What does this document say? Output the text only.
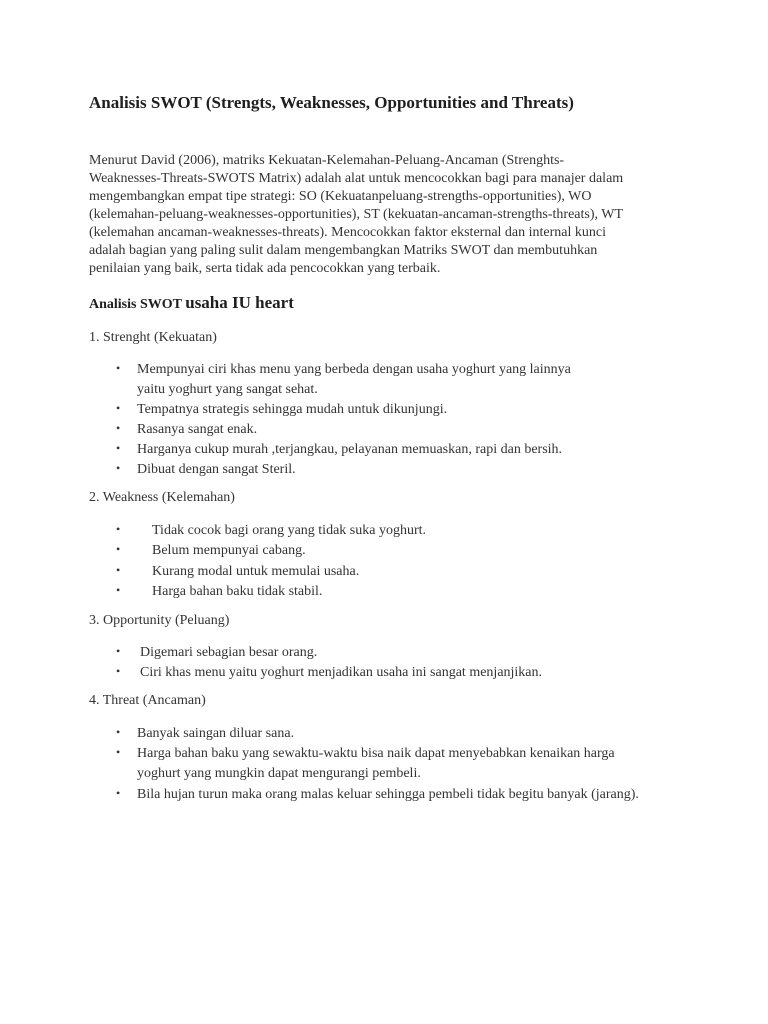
Analisis SWOT (Strengts, Weaknesses, Opportunities and Threats)

Menurut David (2006), matriks Kekuatan-Kelemahan-Peluang-Ancaman (Strenghts-
Weaknesses-Threats-SWOTS Matrix) adalah alat untuk mencocokkan bagi para manajer dalam
mengembangkan empat tipe strategi: SO (Kekuatanpeluang-strengths-opportunities), WO
(kelemahan-peluang-weaknesses-opportunities), ST (kekuatan-ancaman-strengths-threats), WT
(kelemahan ancaman-weaknesses-threats). Mencocokkan faktor eksternal dan internal kunci
adalah bagian yang paling sulit dalam mengembangkan Matriks SWOT dan membutuhkan
penilaian yang baik, serta tidak ada pencocokkan yang terbaik.

Analisis SWOT usaha IU heart

1. Strenght (Kekuatan)

• Mempunyai ciri khas menu yang berbeda dengan usaha yoghurt yang lainnya
yaitu yoghurt yang sangat sehat.
• Tempatnya strategis sehingga mudah untuk dikunjungi.
• Rasanya sangat enak.
• Harganya cukup murah ,terjangkau, pelayanan memuaskan, rapi dan bersih.
• Dibuat dengan sangat Steril.

2. Weakness (Kelemahan)

• Tidak cocok bagi orang yang tidak suka yoghurt.
• Belum mempunyai cabang.
• Kurang modal untuk memulai usaha.
• Harga bahan baku tidak stabil.

3. Opportunity (Peluang)

• Digemari sebagian besar orang.
• Ciri khas menu yaitu yoghurt menjadikan usaha ini sangat menjanjikan.

4. Threat (Ancaman)

• Banyak saingan diluar sana.
• Harga bahan baku yang sewaktu-waktu bisa naik dapat menyebabkan kenaikan harga
yoghurt yang mungkin dapat mengurangi pembeli.
• Bila hujan turun maka orang malas keluar sehingga pembeli tidak begitu banyak (jarang).
